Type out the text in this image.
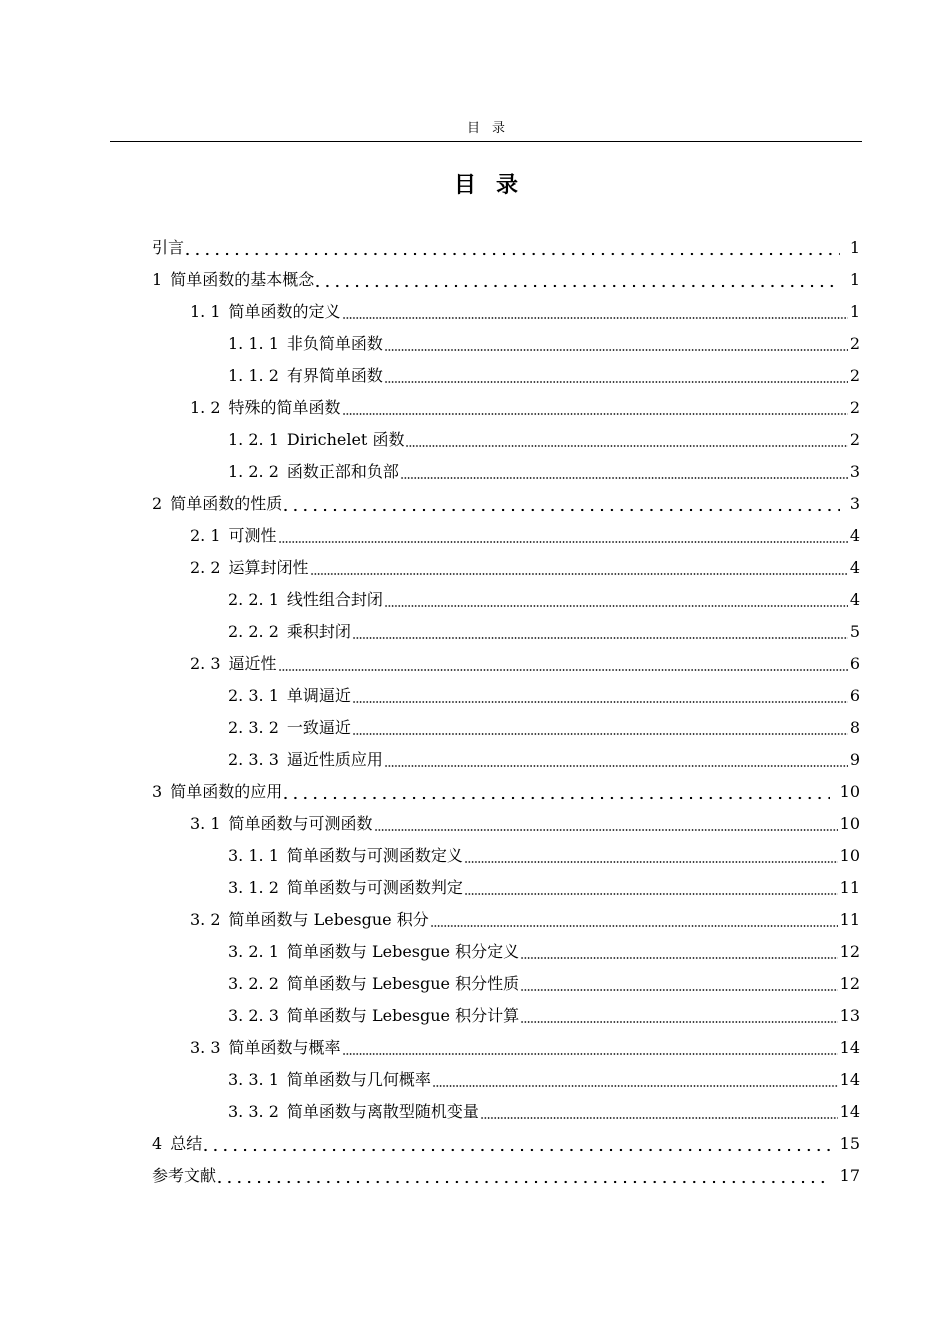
目录
目录
引言	1
1 简单函数的基本概念	1
1. 1 简单函数的定义	1
1. 1. 1 非负简单函数	2
1. 1. 2 有界简单函数	2
1. 2 特殊的简单函数	2
1. 2. 1 Dirichelet 函数	2
1. 2. 2 函数正部和负部	3
2 简单函数的性质	3
2. 1 可测性	4
2. 2 运算封闭性	4
2. 2. 1 线性组合封闭	4
2. 2. 2 乘积封闭	5
2. 3 逼近性	6
2. 3. 1 单调逼近	6
2. 3. 2 一致逼近	8
2. 3. 3 逼近性质应用	9
3 简单函数的应用	10
3. 1 简单函数与可测函数	10
3. 1. 1 简单函数与可测函数定义	10
3. 1. 2 简单函数与可测函数判定	11
3. 2 简单函数与 Lebesgue 积分	11
3. 2. 1 简单函数与 Lebesgue 积分定义	12
3. 2. 2 简单函数与 Lebesgue 积分性质	12
3. 2. 3 简单函数与 Lebesgue 积分计算	13
3. 3 简单函数与概率	14
3. 3. 1 简单函数与几何概率	14
3. 3. 2 简单函数与离散型随机变量	14
4 总结	15
参考文献	17
